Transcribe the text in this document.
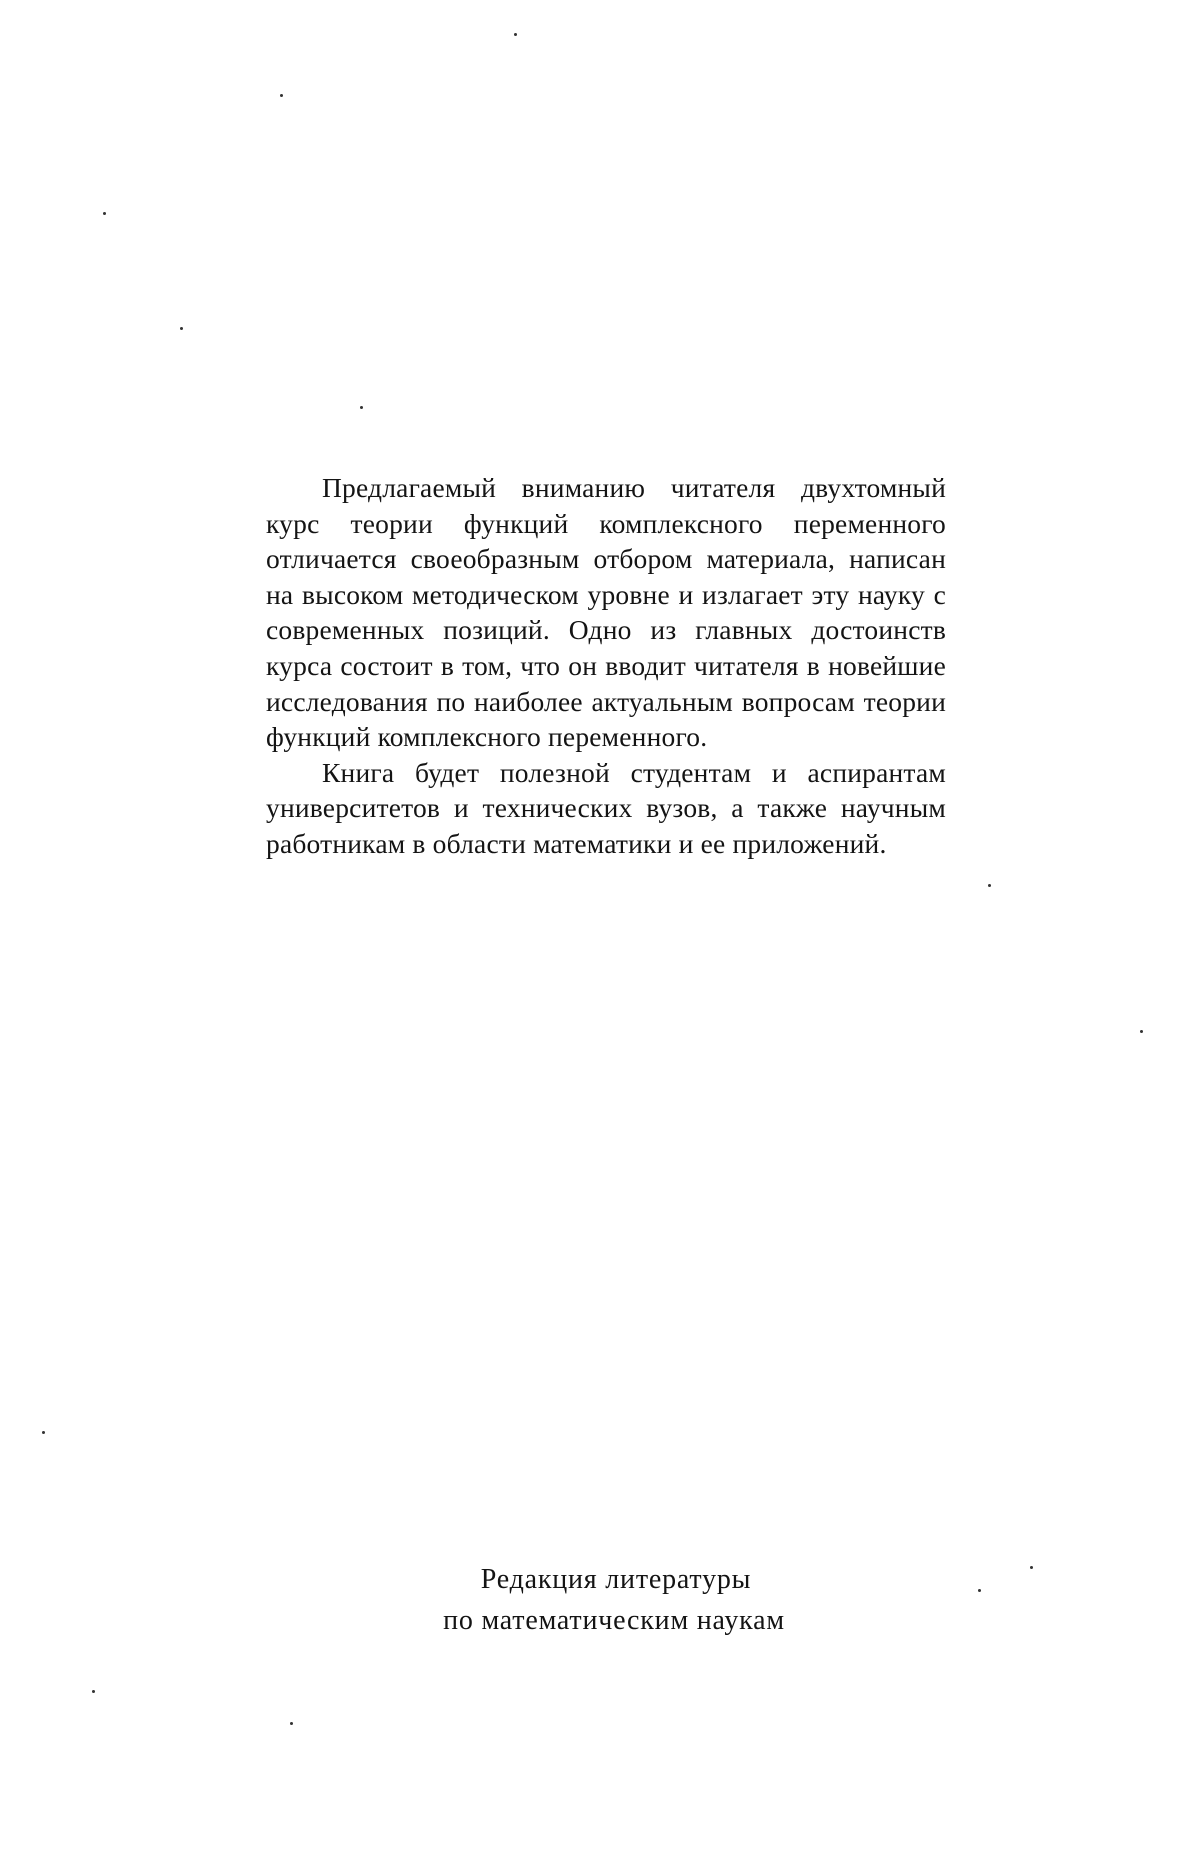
Предлагаемый вниманию читателя двухтомный курс теории функций комплексного переменного отличается своеобразным отбором материала, написан на высоком методическом уровне и излагает эту науку с современных позиций. Одно из главных достоинств курса состоит в том, что он вводит читателя в новейшие исследования по наиболее актуальным вопросам теории функций комплексного переменного.

Книга будет полезной студентам и аспирантам университетов и технических вузов, а также научным работникам в области математики и ее приложений.

Редакция литературы
по математическим наукам
